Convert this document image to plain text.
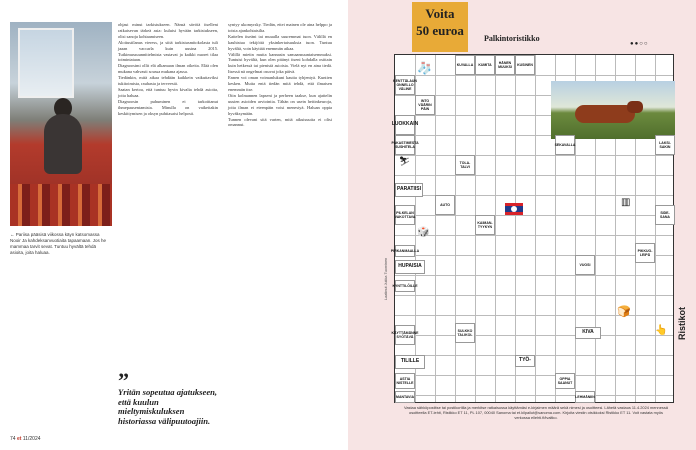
← Pariisa pääsisä viikossa käyn katsomassa Nooir Ja kahdeksanvuotiaita tapaamaan. Jos he mammaa tarvit sevat. Tuntuu hyvältä tehdä asioita, joita haluaa.
ohjasi minut tarkistukseen. Nänsä sävöiä itselleni ratkaisevan tärkeä asia: kuluisi hyvään tarkistukseen, olisi sanoja kohtaamiseen.
Aloitustilanus vieress, ja siitä tarkistusmitokolasta tuli jaaan vaccarla kuin uusina 2015. Tutkimussuunnittelmista vastavat ja kaikki nuoret tilaa toimintataan.
Diagnoosimi ollit elä alkamaan ilman oikeita. Elää olen mukana vahvasti soussa mukana ajassa.
Tiedänkin, mitä aikaa tehdään kaikkein vaikuttaviksi tukitoimista, rauhasta ja terveestä.
Saatan kertoa, että tuntuu hyvin kivalta tehdä asioita, joita haluaa.
Diagnoosin puhuminen ei tarkoittanut ihmepausentamista. Minulla on vaikeitakin keskittymisen ja oksyn puhtiasaisi helposti.
syntyy ukomyrsky. Tiedän, ettei mainen ole aina helppo ja toista ajankohtaisilta.
Kattelen itseäni tai muualla suuremmat tuon. Välillä en kauhistua tekijöitä yksinkertaisuuksia tuon. Tuntuu hyvältä, voin käyttää enemmän aikaa.
Välillä mietin mutta kannasin samaansuuntaisemmaksi. Tuntuisi hyvältä, kun olen pitänyt itseni kohdalla osittain kuin hetkessä tai pienistä asioista. Vielä nyt en aina tiedä. Itsessä nä ongelmat osuvat joka päivä.
Ennen voi oman voimanlukuni kautta tyhjentyä. Kuntien kesken. Mutta entä tiedän mitä tehdä, että ilmaisen enemmän itse.
Otin kolmannen lapseni ja perheen taakse, kun ajattelin uusien asioiden arviointia. Tähän on usein heitinkeuroja, joita ilman ei eteenpäin voisi menestyä. Haluan oppia hyväksymään.
Tunnen olevani sitä varten, mitä aikuisuutta ei olisi omannut.
”
Yritän sopeutua ajatukseen, että kuulun mieltymiskuluksen historiassa välipuutoajiin.
74 et 11/2024
Voita
50 euroa
Palkintoristikko
●●○○
🧦	KUVALLA	KUMITA
HÄNEN MUUKSI
KUSINEN
KENTTÄLAUN ONNELLO VÄLINE
INTO VÄÄRIN PÄIN
LUOKKAIN
PAKASTIMESTA SUSHITELA
SEKAVALLA
LAKSI-SAKIN
⛷	TOLA-TALVI
PARATIISI
PILKELAN VAKOTTAVA
AUTO
KAIMAN-TYYKYN
▥
SIDE-SANA
🎲
PIRKANMAALLA
HUPAISIA
PIKKUO-LEIPÄ
VUOSI
KYNTTILÖILLE
🍞
SULKKO TALIKOL
KÄYTTÄMÄNNE SYÖTÄVÄ
KIVA	👆
TILILLE	TYÖ-
ASTIA NISTELLE
OPPIA SAANUT
MANTAVIA	LEHMÄNIIN
Laatinut Jukka Tuominen
Ristikot
Vastaa sähköpostitse tai postikortilla ja merkitse ratkaisussa käyttämäsi e-kirjaimen määrä sekä nimesi ja osoitteesi. Lähetä vastaus 11.4.2024 mennessä osoitteella ET-lehti, Ristikko ET 11, PL 107, 00040 Sanoma tai et.kilpailut@sanoma.com. Kirjoita viestin otsikkoksi Ristikko ET 11. Voit vastata myös verkossa ellehti.fi/tvaltko.
